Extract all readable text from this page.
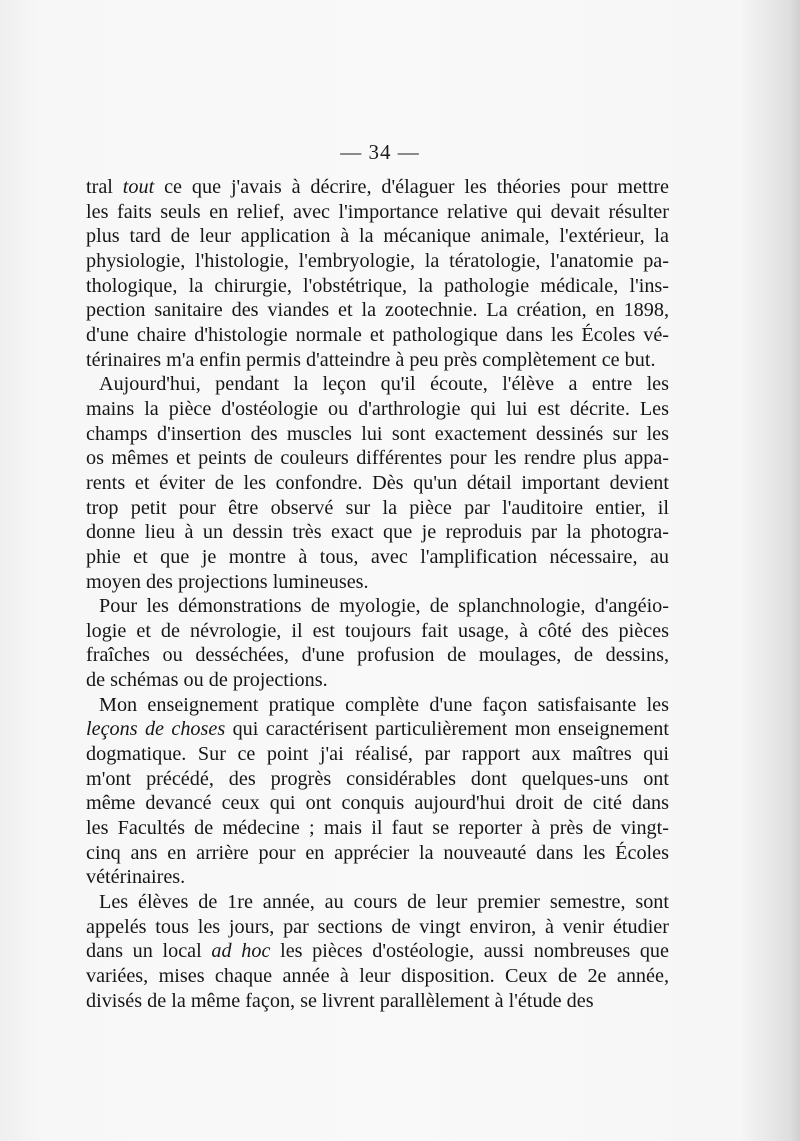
— 34 —
tral tout ce que j'avais à décrire, d'élaguer les théories pour mettre
les faits seuls en relief, avec l'importance relative qui devait résulter
plus tard de leur application à la mécanique animale, l'extérieur, la
physiologie, l'histologie, l'embryologie, la tératologie, l'anatomie pa-
thologique, la chirurgie, l'obstétrique, la pathologie médicale, l'ins-
pection sanitaire des viandes et la zootechnie. La création, en 1898,
d'une chaire d'histologie normale et pathologique dans les Écoles vé-
térinaires m'a enfin permis d'atteindre à peu près complètement ce but.
Aujourd'hui, pendant la leçon qu'il écoute, l'élève a entre les
mains la pièce d'ostéologie ou d'arthrologie qui lui est décrite. Les
champs d'insertion des muscles lui sont exactement dessinés sur les
os mêmes et peints de couleurs différentes pour les rendre plus appa-
rents et éviter de les confondre. Dès qu'un détail important devient
trop petit pour être observé sur la pièce par l'auditoire entier, il
donne lieu à un dessin très exact que je reproduis par la photogra-
phie et que je montre à tous, avec l'amplification nécessaire, au
moyen des projections lumineuses.
Pour les démonstrations de myologie, de splanchnologie, d'angéio-
logie et de névrologie, il est toujours fait usage, à côté des pièces
fraîches ou desséchées, d'une profusion de moulages, de dessins,
de schémas ou de projections.
Mon enseignement pratique complète d'une façon satisfaisante les
leçons de choses qui caractérisent particulièrement mon enseignement
dogmatique. Sur ce point j'ai réalisé, par rapport aux maîtres qui
m'ont précédé, des progrès considérables dont quelques-uns ont
même devancé ceux qui ont conquis aujourd'hui droit de cité dans
les Facultés de médecine ; mais il faut se reporter à près de vingt-
cinq ans en arrière pour en apprécier la nouveauté dans les Écoles
vétérinaires.
Les élèves de 1re année, au cours de leur premier semestre, sont
appelés tous les jours, par sections de vingt environ, à venir étudier
dans un local ad hoc les pièces d'ostéologie, aussi nombreuses que
variées, mises chaque année à leur disposition. Ceux de 2e année,
divisés de la même façon, se livrent parallèlement à l'étude des
